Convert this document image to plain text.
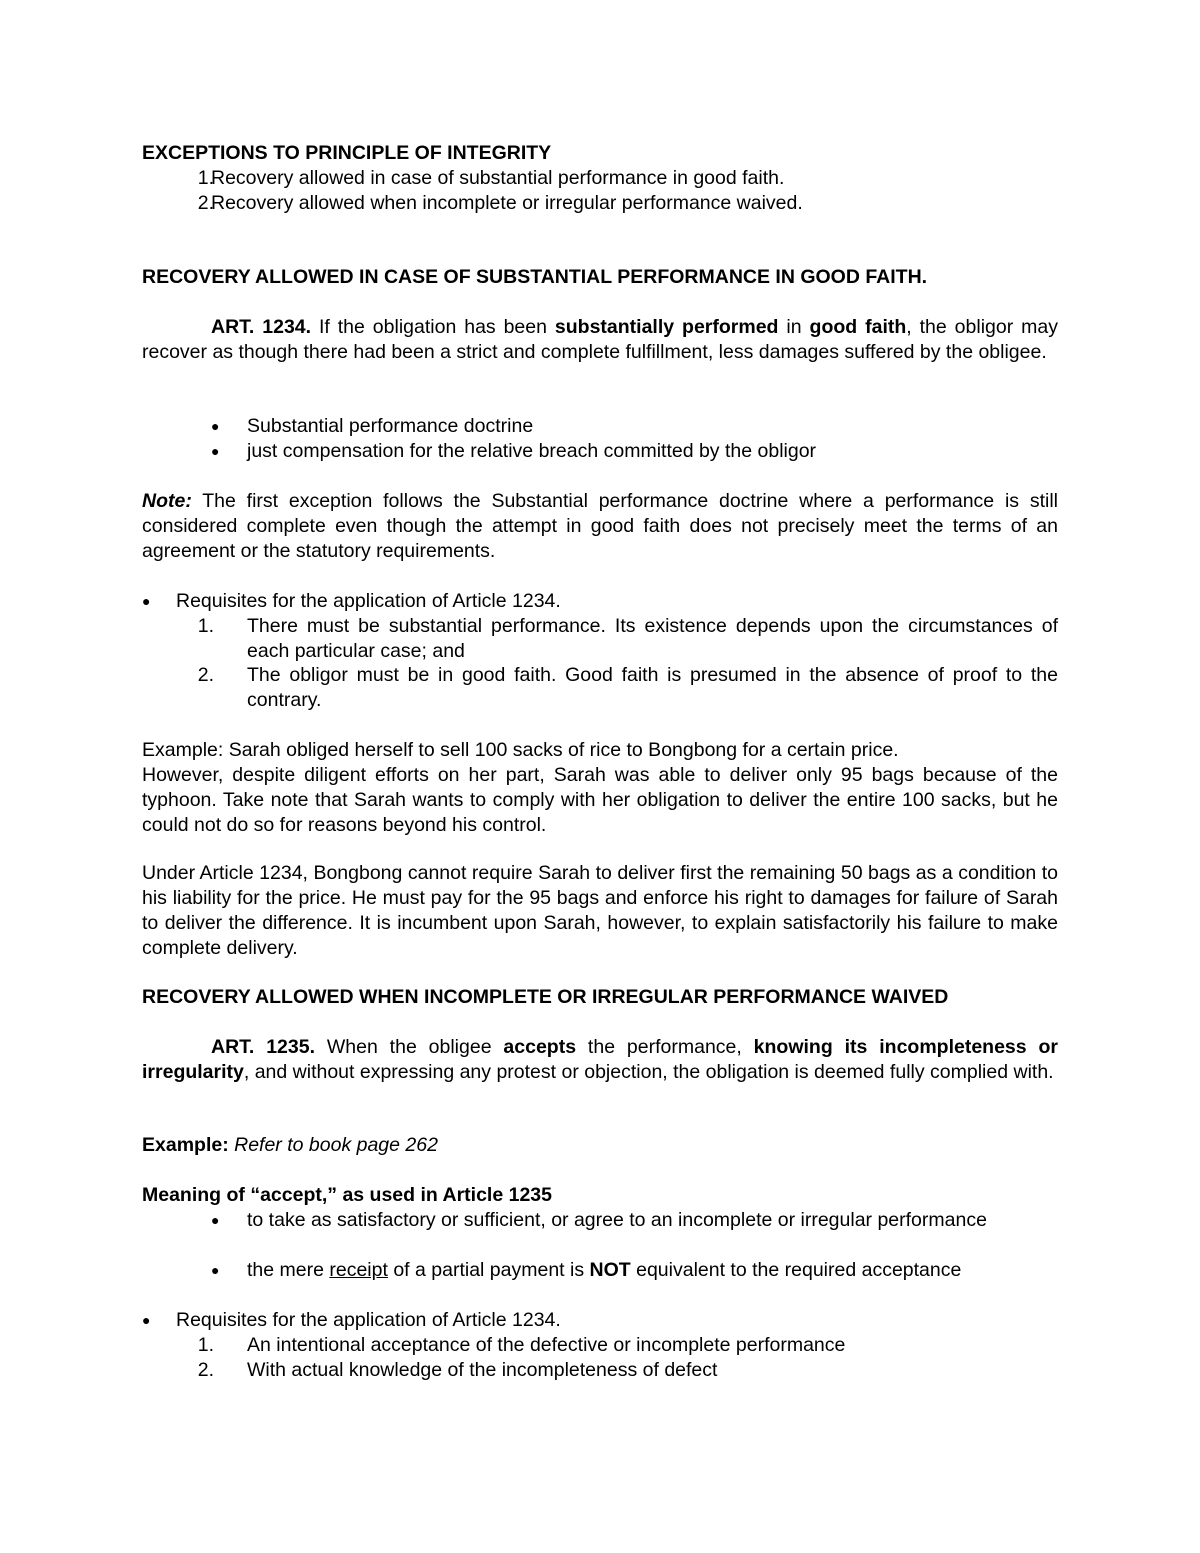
EXCEPTIONS TO PRINCIPLE OF INTEGRITY
1.
Recovery allowed in case of substantial performance in good faith.
2.
Recovery allowed when incomplete or irregular performance waived.
RECOVERY ALLOWED IN CASE OF SUBSTANTIAL PERFORMANCE IN GOOD FAITH.

ART. 1234. If the obligation has been substantially performed in good faith, the obligor may recover as though there had been a strict and complete fulfillment, less damages suffered by the obligee.

● Substantial performance doctrine
● just compensation for the relative breach committed by the obligor

Note: The first exception follows the Substantial performance doctrine where a performance is still considered complete even though the attempt in good faith does not precisely meet the terms of an agreement or the statutory requirements.

● Requisites for the application of Article 1234.
1. There must be substantial performance. Its existence depends upon the circumstances of each particular case; and
2. The obligor must be in good faith. Good faith is presumed in the absence of proof to the contrary.
Example: Sarah obliged herself to sell 100 sacks of rice to Bongbong for a certain price.

However, despite diligent efforts on her part, Sarah was able to deliver only 95 bags because of the typhoon. Take note that Sarah wants to comply with her obligation to deliver the entire 100 sacks, but he could not do so for reasons beyond his control.

Under Article 1234, Bongbong cannot require Sarah to deliver first the remaining 50 bags as a condition to his liability for the price. He must pay for the 95 bags and enforce his right to damages for failure of Sarah to deliver the difference. It is incumbent upon Sarah, however, to explain satisfactorily his failure to make complete delivery.

RECOVERY ALLOWED WHEN INCOMPLETE OR IRREGULAR PERFORMANCE WAIVED

ART. 1235. When the obligee accepts the performance, knowing its incompleteness or irregularity, and without expressing any protest or objection, the obligation is deemed fully complied with.

Example: Refer to book page 262
Meaning of “accept,” as used in Article 1235
● to take as satisfactory or sufficient, or agree to an incomplete or irregular performance
● the mere receipt of a partial payment is NOT equivalent to the required acceptance
● Requisites for the application of Article 1234.
1. An intentional acceptance of the defective or incomplete performance
2. With actual knowledge of the incompleteness of defect
